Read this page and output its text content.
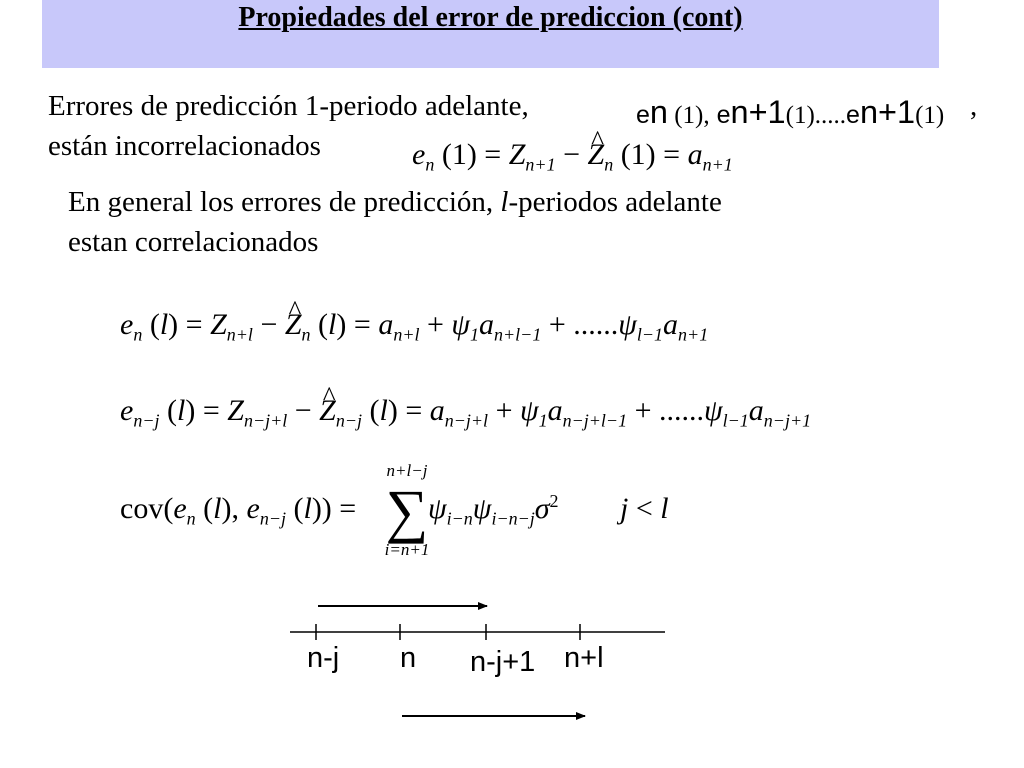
Propiedades del error de prediccion (cont)
Errores de predicción 1-periodo adelante,	en (1), en+1(1).....en+1(1) ,
están incorrelacionados	$e_n$ $(1) = Z_{n+1}$ − ^ $Z_n$ $(1) = a_{n+1}$
En general los errores de predicción, l-periodos adelante
estan correlacionados
$e_n$ $(l) = Z_{n+l}$ − ^ $Z_n$ $(l) = a_{n+l} + \psi_1a_{n+l-1} + ......\psi_{l-1}a_{n+1}$
$e_{n-j}$ $(l) = Z_{n-j+l}$ − ^ $Z_{n-j}$ $(l) = a_{n-j+l} + \psi_1a_{n-j+l-1} + ......\psi_{l-1}a_{n-j+1}$
$cov(e_n$ (l), $e_{n-j}$ (l)) =
n+l−j
∑
i=n+1
$\psi_{i-n}\psi_{i-n-j}\sigma^2$ j < l
n-j n n-j+1 n+l
